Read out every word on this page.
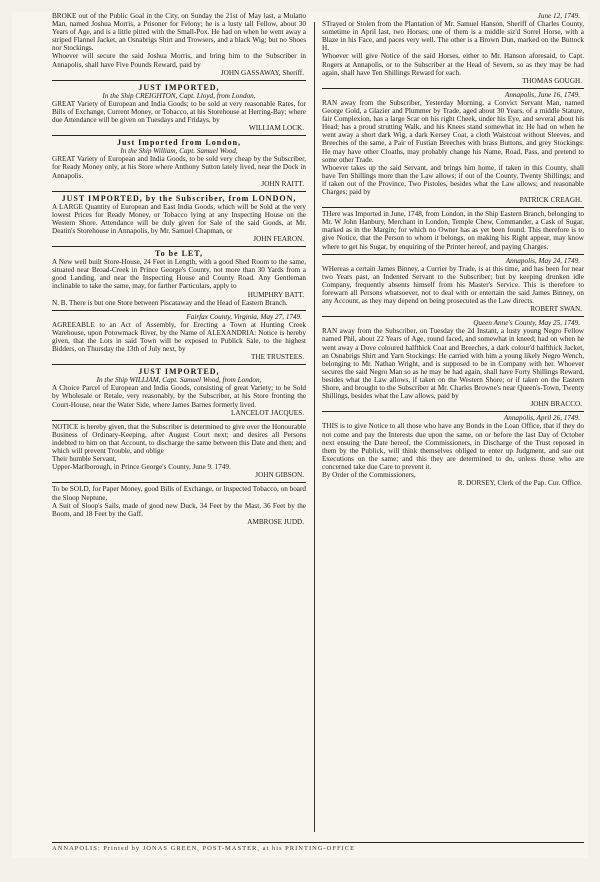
BROKE out of the Public Goal in the City, on Sunday the 21st of May last, a Mulatto Man, named Joshua Morris, a Prisoner for Felony; he is a lusty tall Fellow, about 30 Years of Age, and is a little pitted with the Small-Pox. He had on when he went away a striped Flannel Jacket, an Osnabrigs Shirt and Trowsers, and a black Wig; but no Shoes nor Stockings.
Whoever will secure the said Joshua Morris, and bring him to the Subscriber in Annapolis, shall have Five Pounds Reward, paid by

JOHN GASSAWAY, Sheriff.

JUST IMPORTED,

In the Ship CREIGHTON, Capt. Lloyd, from London,

GREAT Variety of European and India Goods; to be sold at very reasonable Rates, for Bills of Exchange, Current Money, or Tobacco, at his Storehouse at Herring-Bay; where due Attendance will be given on Tuesdays and Fridays, by

WILLIAM LOCK.

Just Imported from London,

In the Ship William, Capt. Samuel Wood,

GREAT Variety of European and India Goods, to be sold very cheap by the Subscriber, for Ready Money only, at his Store where Anthony Sutton lately lived, near the Dock in Annapolis.

JOHN RAITT.

JUST IMPORTED, by the Subscriber, from LONDON,

A LARGE Quantity of European and East India Goods, which will be Sold at the very lowest Prices for Ready Money, or Tobacco lying at any Inspecting House on the Western Shore. Attendance will be duly given for Sale of the said Goods, at Mr. Deatin's Storehouse in Annapolis, by Mr. Samuel Chapman, or

JOHN FEARON.

To be LET,

A New well built Store-House, 24 Feet in Length, with a good Shed Room to the same, situated near Broad-Creek in Prince George's County, not more than 30 Yards from a good Landing, and near the Inspecting House and County Road. Any Gentleman inclinable to take the same, may, for farther Particulars, apply to

HUMPHRY BATT.

N. B. There is but one Store between Piscataway and the Head of Eastern Branch.

Fairfax County, Virginia, May 27, 1749.

AGREEABLE to an Act of Assembly, for Erecting a Town at Hunting Creek Warehouse, upon Potowmack River, by the Name of ALEXANDRIA: Notice is hereby given, that the Lots in said Town will be exposed to Publick Sale, to the highest Bidders, on Thursday the 13th of July next, by

THE TRUSTEES.

JUST IMPORTED,

In the Ship WILLIAM, Capt. Samuel Wood, from London,

A Choice Parcel of European and India Goods, consisting of great Variety; to be Sold by Wholesale or Retale, very reasonably, by the Subscriber, at his Store fronting the Court-House, near the Water Side, where James Barnes formerly lived.

LANCELOT JACQUES.

NOTICE is hereby given, that the Subscriber is determined to give over the Honourable Business of Ordinary-Keeping, after August Court next; and desires all Persons indebted to him on that Account, to discharge the same between this Date and then; and which will prevent Trouble, and oblige
Their humble Servant,
Upper-Marlborough, in Prince George's County, June 9. 1749.

JOHN GIBSON.

To be SOLD, for Paper Money, good Bills of Exchange, or Inspected Tobacco, on board the Sloop Neptune,
A Suit of Sloop's Sails, made of good new Duck, 34 Feet by the Mast, 36 Feet by the Boom, and 18 Feet by the Gaff.

AMBROSE JUDD.

June 12, 1749.

STrayed or Stolen from the Plantation of Mr. Samuel Hanson, Sheriff of Charles County, sometime in April last, two Horses; one of them is a middle siz'd Sorrel Horse, with a Blaze in his Face, and paces very well. The other is a Brown Dun, marked on the Buttock H.
Whoever will give Notice of the said Horses, either to Mr. Hanson aforesaid, to Capt. Rogers at Annapolis, or to the Subscriber at the Head of Severn, so as they may be had again, shall have Ten Shillings Reward for each.

THOMAS GOUGH.

Annapolis, June 16, 1749.

RAN away from the Subscriber, Yesterday Morning, a Convict Servant Man, named George Gold, a Glazier and Plummer by Trade, aged about 30 Years, of a middle Stature, fair Complexion, has a large Scar on his right Cheek, under his Eye, and several about his Head; has a proud strutting Walk, and his Knees stand somewhat in: He had on when he went away a short dark Wig, a dark Kersey Coat, a cloth Waistcoat without Sleeves, and Breeches of the same, a Pair of Fustian Breeches with brass Buttons, and grey Stockings: He may have other Cloaths, may probably change his Name, Road, Pass, and pretend to some other Trade.
Whoever takes up the said Servant, and brings him home, if taken in this County, shall have Ten Shillings more than the Law allows; if out of the County, Twenty Shillings; and if taken out of the Province, Two Pistoles, besides what the Law allows; and reasonable Charges; paid by

PATRICK CREAGH.

THere was Imported in June, 1748, from London, in the Ship Eastern Branch, belonging to Mr. W John Hanbury, Merchant in London, Temple Chew, Commander, a Cask of Sugar, marked as in the Margin; for which no Owner has as yet been found. This therefore is to give Notice, that the Person to whom it belongs, on making his Right appear, may know where to get his Sugar, by enquiring of the Printer hereof, and paying Charges.

Annapolis, May 24, 1749.

WHereas a certain James Binney, a Currier by Trade, is at this time, and has been for near two Years past, an Indented Servant to the Subscriber; but by keeping drunken idle Company, frequently absents himself from his Master's Service. This is therefore to forewarn all Persons whatsoever, not to deal with or entertain the said James Binney, on any Account, as they may depend on being prosecuted as the Law directs.

ROBERT SWAN.

Queen Anne's County, May 25, 1749.

RAN away from the Subscriber, on Tuesday the 2d Instant, a lusty young Negro Fellow named Phil, about 22 Years of Age, round faced, and somewhat in kneed; had on when he went away a Dove coloured halfthick Coat and Breeches, a dark colour'd halfthick Jacket, an Osnabrigs Shirt and Yarn Stockings: He carried with him a young likely Negro Wench, belonging to Mr. Nathan Wright, and is supposed to be in Company with her. Whoever secures the said Negro Man so as he may be had again, shall have Forty Shillings Reward, besides what the Law allows, if taken on the Western Shore; or if taken on the Eastern Shore, and brought to the Subscriber at Mr. Charles Browne's near Queen's-Town, Twenty Shillings, besides what the Law allows, paid by

JOHN BRACCO.

Annapolis, April 26, 1749.

THIS is to give Notice to all those who have any Bonds in the Loan Office, that if they do not come and pay the Interests due upon the same, on or before the last Day of October next ensuing the Date hereof, the Commissioners, in Discharge of the Trust reposed in them by the Publick, will think themselves obliged to enter up Judgment, and sue out Executions on the same; and this they are determined to do, unless those who are concerned take due Care to prevent it.
By Order of the Commissioners,

R. DORSEY, Clerk of the Pap. Cur. Office.

ANNAPOLIS: Printed by JONAS GREEN, POST-MASTER, at his PRINTING-OFFICE
